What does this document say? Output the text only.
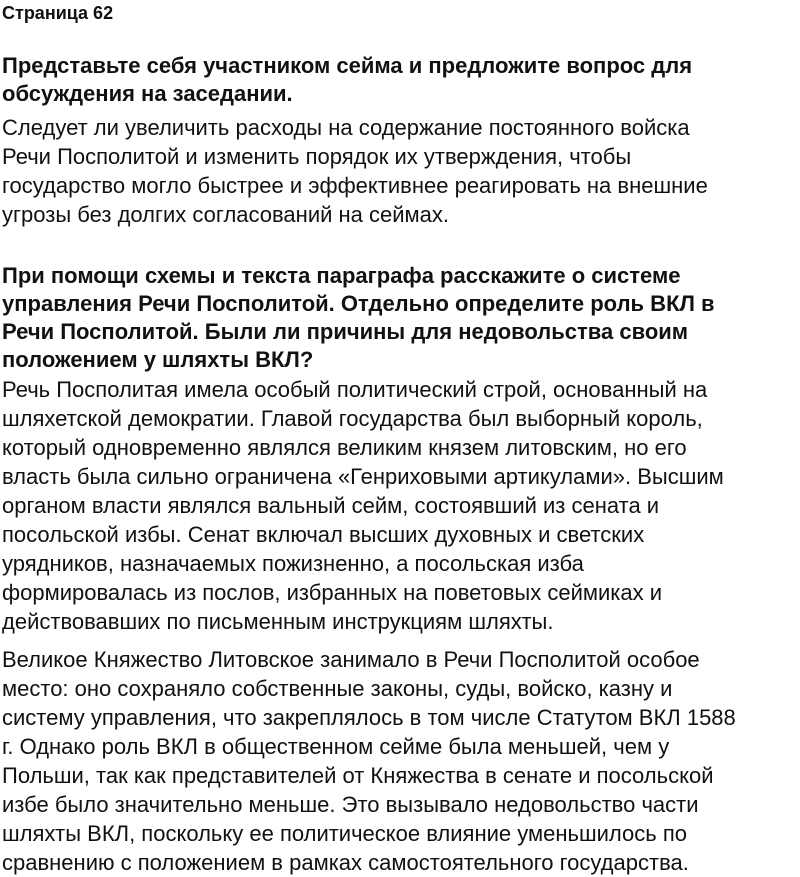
Страница 62
Представьте себя участником сейма и предложите вопрос для
обсуждения на заседании.
Следует ли увеличить расходы на содержание постоянного войска
Речи Посполитой и изменить порядок их утверждения, чтобы
государство могло быстрее и эффективнее реагировать на внешние
угрозы без долгих согласований на сеймах.
При помощи схемы и текста параграфа расскажите о системе
управления Речи Посполитой. Отдельно определите роль ВКЛ в
Речи Посполитой. Были ли причины для недовольства своим
положением у шляхты ВКЛ?
Речь Посполитая имела особый политический строй, основанный на
шляхетской демократии. Главой государства был выборный король,
который одновременно являлся великим князем литовским, но его
власть была сильно ограничена «Генриховыми артикулами». Высшим
органом власти являлся вальный сейм, состоявший из сената и
посольской избы. Сенат включал высших духовных и светских
урядников, назначаемых пожизненно, а посольская изба
формировалась из послов, избранных на поветовых сеймиках и
действовавших по письменным инструкциям шляхты.
Великое Княжество Литовское занимало в Речи Посполитой особое
место: оно сохраняло собственные законы, суды, войско, казну и
систему управления, что закреплялось в том числе Статутом ВКЛ 1588
г. Однако роль ВКЛ в общественном сейме была меньшей, чем у
Польши, так как представителей от Княжества в сенате и посольской
избе было значительно меньше. Это вызывало недовольство части
шляхты ВКЛ, поскольку ее политическое влияние уменьшилось по
сравнению с положением в рамках самостоятельного государства.
